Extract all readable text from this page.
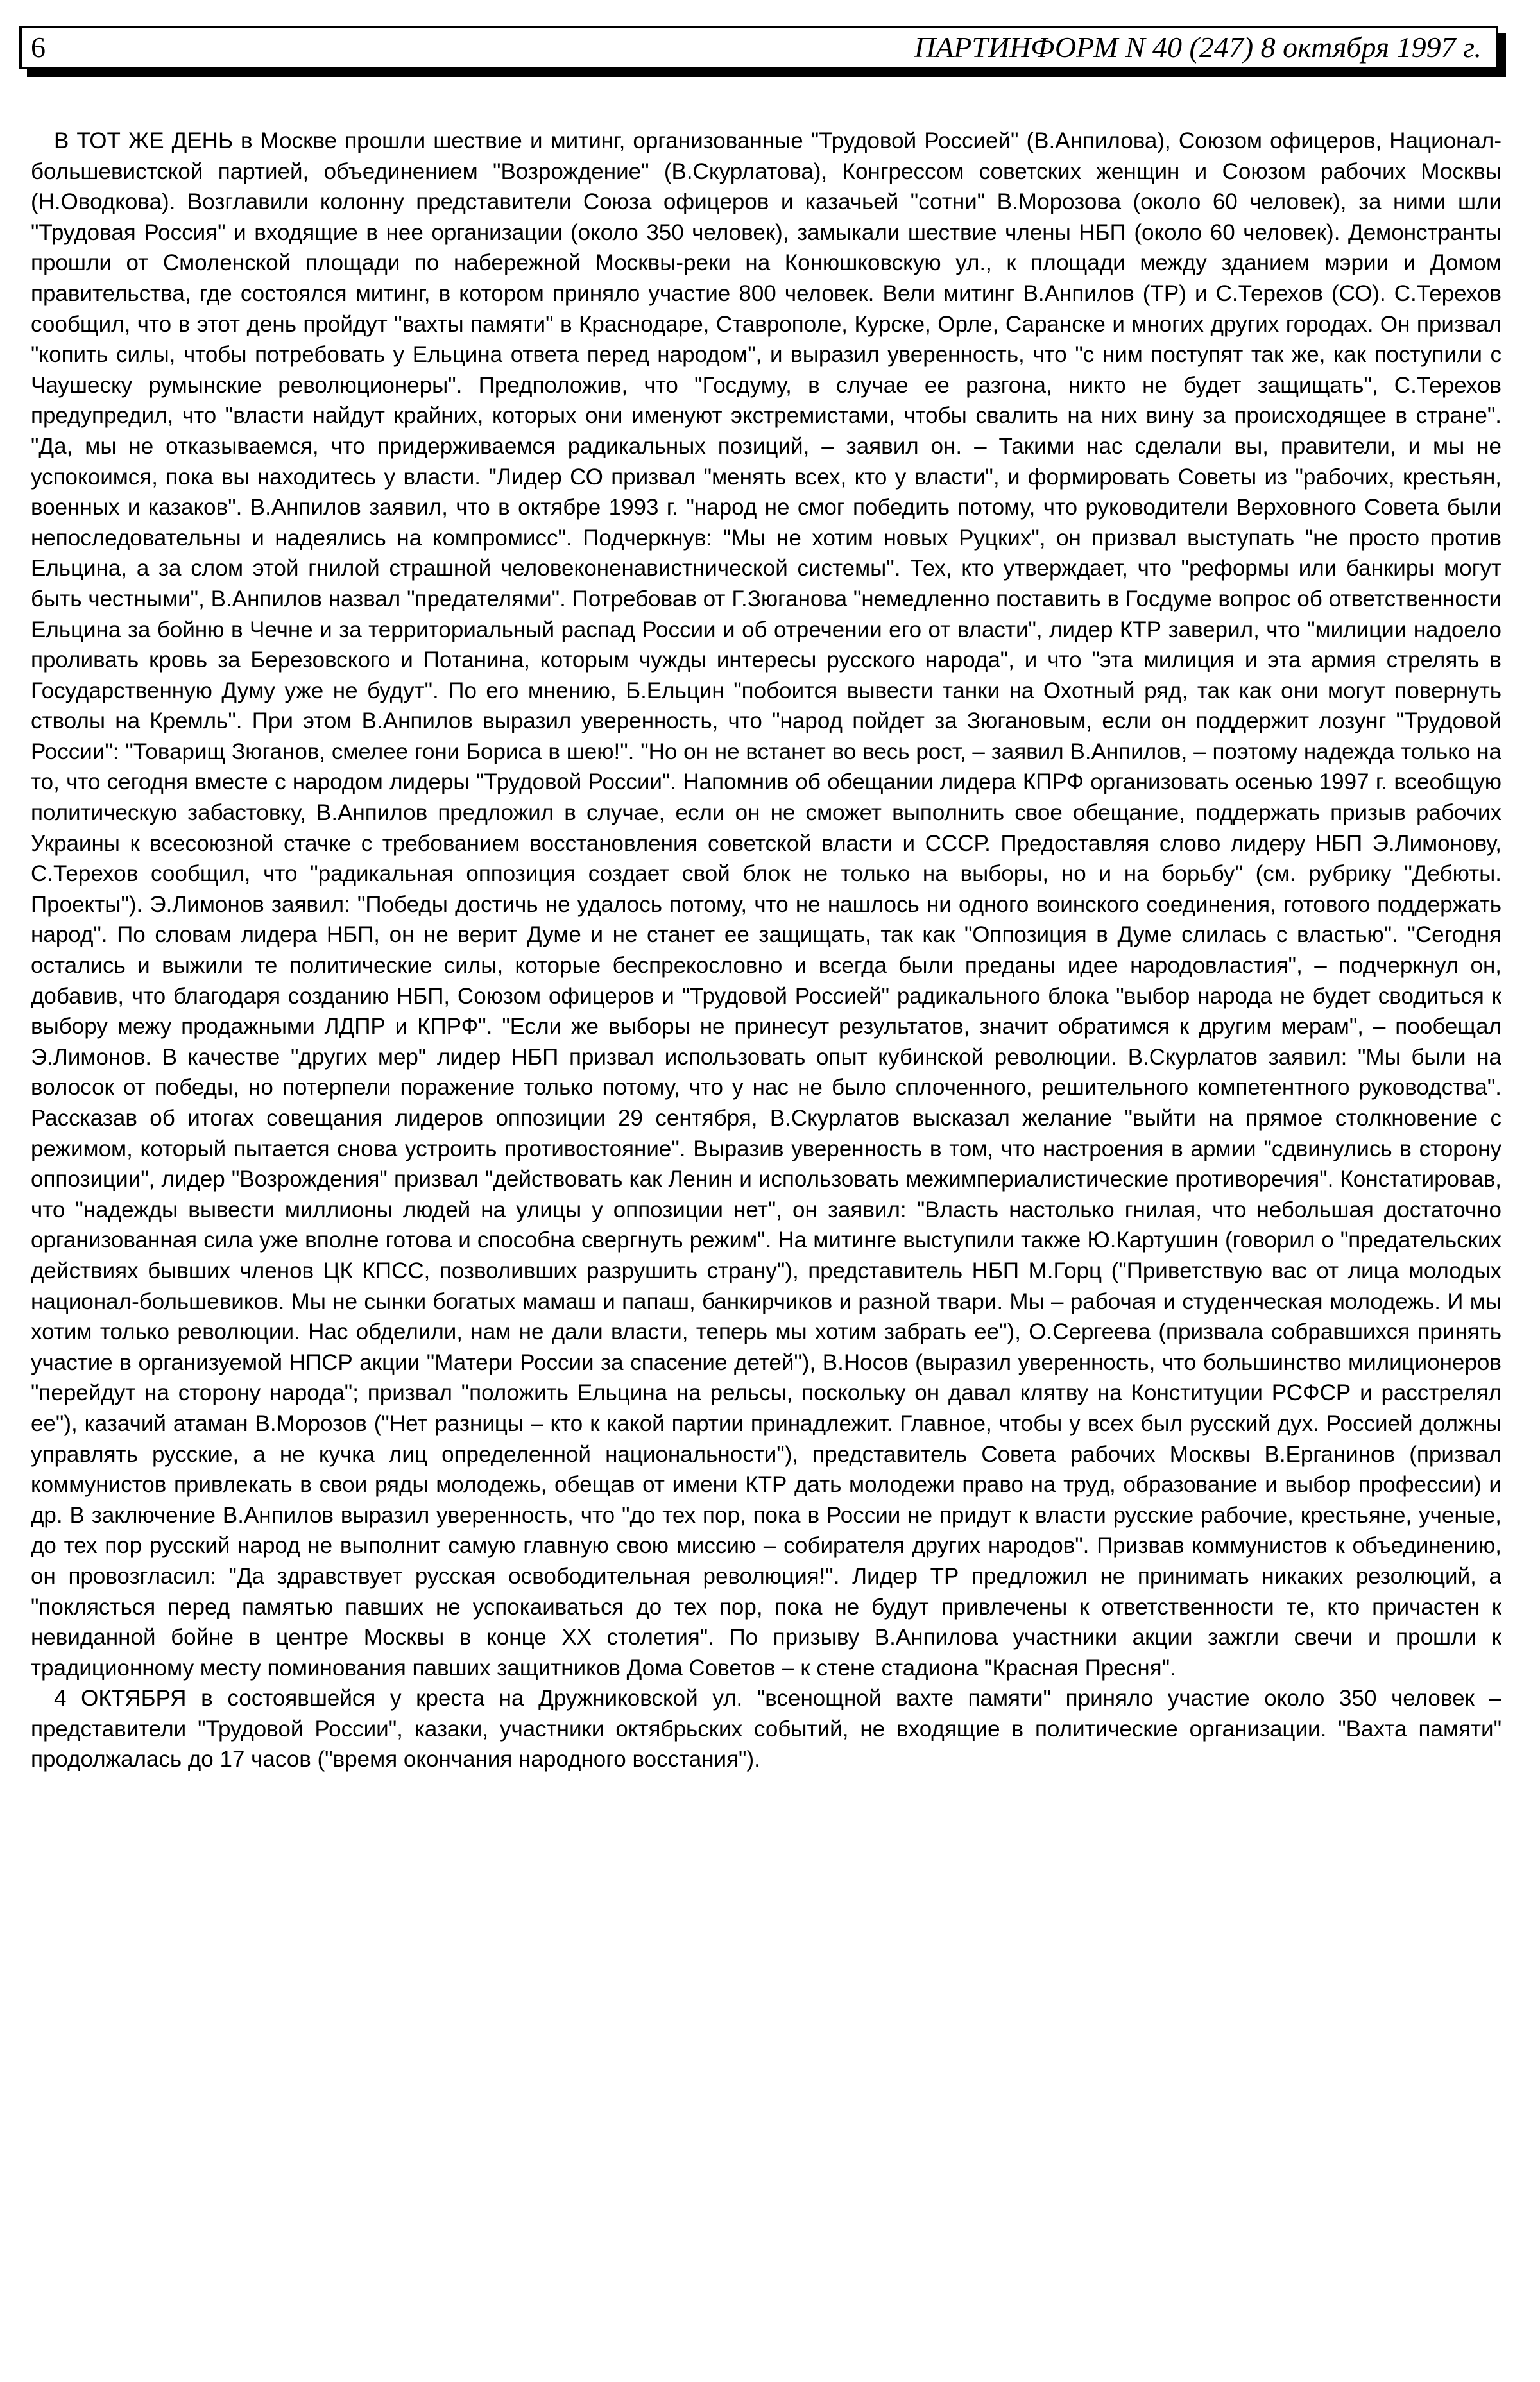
6	ПАРТИНФОРМ N 40 (247) 8 октября 1997 г.

В ТОТ ЖЕ ДЕНЬ в Москве прошли шествие и митинг, организованные "Трудовой Россией" (В.Анпилова), Союзом офицеров, Национал-большевистской партией, объединением "Возрождение" (В.Скурлатова), Конгрессом советских женщин и Союзом рабочих Москвы (Н.Оводкова). Возглавили колонну представители Союза офицеров и казачьей "сотни" В.Морозова (около 60 человек), за ними шли "Трудовая Россия" и входящие в нее организации (около 350 человек), замыкали шествие члены НБП (около 60 человек). Демонстранты прошли от Смоленской площади по набережной Москвы-реки на Конюшковскую ул., к площади между зданием мэрии и Домом правительства, где состоялся митинг, в котором приняло участие 800 человек. Вели митинг В.Анпилов (ТР) и С.Терехов (СО). С.Терехов сообщил, что в этот день пройдут "вахты памяти" в Краснодаре, Ставрополе, Курске, Орле, Саранске и многих других городах. Он призвал "копить силы, чтобы потребовать у Ельцина ответа перед народом", и выразил уверенность, что "с ним поступят так же, как поступили с Чаушеску румынские революционеры". Предположив, что "Госдуму, в случае ее разгона, никто не будет защищать", С.Терехов предупредил, что "власти найдут крайних, которых они именуют экстремистами, чтобы свалить на них вину за происходящее в стране". "Да, мы не отказываемся, что придерживаемся радикальных позиций, – заявил он. – Такими нас сделали вы, правители, и мы не успокоимся, пока вы находитесь у власти. "Лидер СО призвал "менять всех, кто у власти", и формировать Советы из "рабочих, крестьян, военных и казаков". В.Анпилов заявил, что в октябре 1993 г. "народ не смог победить потому, что руководители Верховного Совета были непоследовательны и надеялись на компромисс". Подчеркнув: "Мы не хотим новых Руцких", он призвал выступать "не просто против Ельцина, а за слом этой гнилой страшной человеконенавистнической системы". Тех, кто утверждает, что "реформы или банкиры могут быть честными", В.Анпилов назвал "предателями". Потребовав от Г.Зюганова "немедленно поставить в Госдуме вопрос об ответственности Ельцина за бойню в Чечне и за территориальный распад России и об отречении его от власти", лидер КТР заверил, что "милиции надоело проливать кровь за Березовского и Потанина, которым чужды интересы русского народа", и что "эта милиция и эта армия стрелять в Государственную Думу уже не будут". По его мнению, Б.Ельцин "побоится вывести танки на Охотный ряд, так как они могут повернуть стволы на Кремль". При этом В.Анпилов выразил уверенность, что "народ пойдет за Зюгановым, если он поддержит лозунг "Трудовой России": "Товарищ Зюганов, смелее гони Бориса в шею!". "Но он не встанет во весь рост, – заявил В.Анпилов, – поэтому надежда только на то, что сегодня вместе с народом лидеры "Трудовой России". Напомнив об обещании лидера КПРФ организовать осенью 1997 г. всеобщую политическую забастовку, В.Анпилов предложил в случае, если он не сможет выполнить свое обещание, поддержать призыв рабочих Украины к всесоюзной стачке с требованием восстановления советской власти и СССР. Предоставляя слово лидеру НБП Э.Лимонову, С.Терехов сообщил, что "радикальная оппозиция создает свой блок не только на выборы, но и на борьбу" (см. рубрику "Дебюты. Проекты"). Э.Лимонов заявил: "Победы достичь не удалось потому, что не нашлось ни одного воинского соединения, готового поддержать народ". По словам лидера НБП, он не верит Думе и не станет ее защищать, так как "Оппозиция в Думе слилась с властью". "Сегодня остались и выжили те политические силы, которые беспрекословно и всегда были преданы идее народовластия", – подчеркнул он, добавив, что благодаря созданию НБП, Союзом офицеров и "Трудовой Россией" радикального блока "выбор народа не будет сводиться к выбору межу продажными ЛДПР и КПРФ". "Если же выборы не принесут результатов, значит обратимся к другим мерам", – пообещал Э.Лимонов. В качестве "других мер" лидер НБП призвал использовать опыт кубинской революции. В.Скурлатов заявил: "Мы были на волосок от победы, но потерпели поражение только потому, что у нас не было сплоченного, решительного компетентного руководства". Рассказав об итогах совещания лидеров оппозиции 29 сентября, В.Скурлатов высказал желание "выйти на прямое столкновение с режимом, который пытается снова устроить противостояние". Выразив уверенность в том, что настроения в армии "сдвинулись в сторону оппозиции", лидер "Возрождения" призвал "действовать как Ленин и использовать межимпериалистические противоречия". Констатировав, что "надежды вывести миллионы людей на улицы у оппозиции нет", он заявил: "Власть настолько гнилая, что небольшая достаточно организованная сила уже вполне готова и способна свергнуть режим". На митинге выступили также Ю.Картушин (говорил о "предательских действиях бывших членов ЦК КПСС, позволивших разрушить страну"), представитель НБП М.Горц ("Приветствую вас от лица молодых национал-большевиков. Мы не сынки богатых мамаш и папаш, банкирчиков и разной твари. Мы – рабочая и студенческая молодежь. И мы хотим только революции. Нас обделили, нам не дали власти, теперь мы хотим забрать ее"), О.Сергеева (призвала собравшихся принять участие в организуемой НПСР акции "Матери России за спасение детей"), В.Носов (выразил уверенность, что большинство милиционеров "перейдут на сторону народа"; призвал "положить Ельцина на рельсы, поскольку он давал клятву на Конституции РСФСР и расстрелял ее"), казачий атаман В.Морозов ("Нет разницы – кто к какой партии принадлежит. Главное, чтобы у всех был русский дух. Россией должны управлять русские, а не кучка лиц определенной национальности"), представитель Совета рабочих Москвы В.Ерганинов (призвал коммунистов привлекать в свои ряды молодежь, обещав от имени КТР дать молодежи право на труд, образование и выбор профессии) и др. В заключение В.Анпилов выразил уверенность, что "до тех пор, пока в России не придут к власти русские рабочие, крестьяне, ученые, до тех пор русский народ не выполнит самую главную свою миссию – собирателя других народов". Призвав коммунистов к объединению, он провозгласил: "Да здравствует русская освободительная революция!". Лидер ТР предложил не принимать никаких резолюций, а "поклясться перед памятью павших не успокаиваться до тех пор, пока не будут привлечены к ответственности те, кто причастен к невиданной бойне в центре Москвы в конце ХХ столетия". По призыву В.Анпилова участники акции зажгли свечи и прошли к традиционному месту поминования павших защитников Дома Советов – к стене стадиона "Красная Пресня".

4 ОКТЯБРЯ в состоявшейся у креста на Дружниковской ул. "всенощной вахте памяти" приняло участие около 350 человек – представители "Трудовой России", казаки, участники октябрьских событий, не входящие в политические организации. "Вахта памяти" продолжалась до 17 часов ("время окончания народного восстания").
